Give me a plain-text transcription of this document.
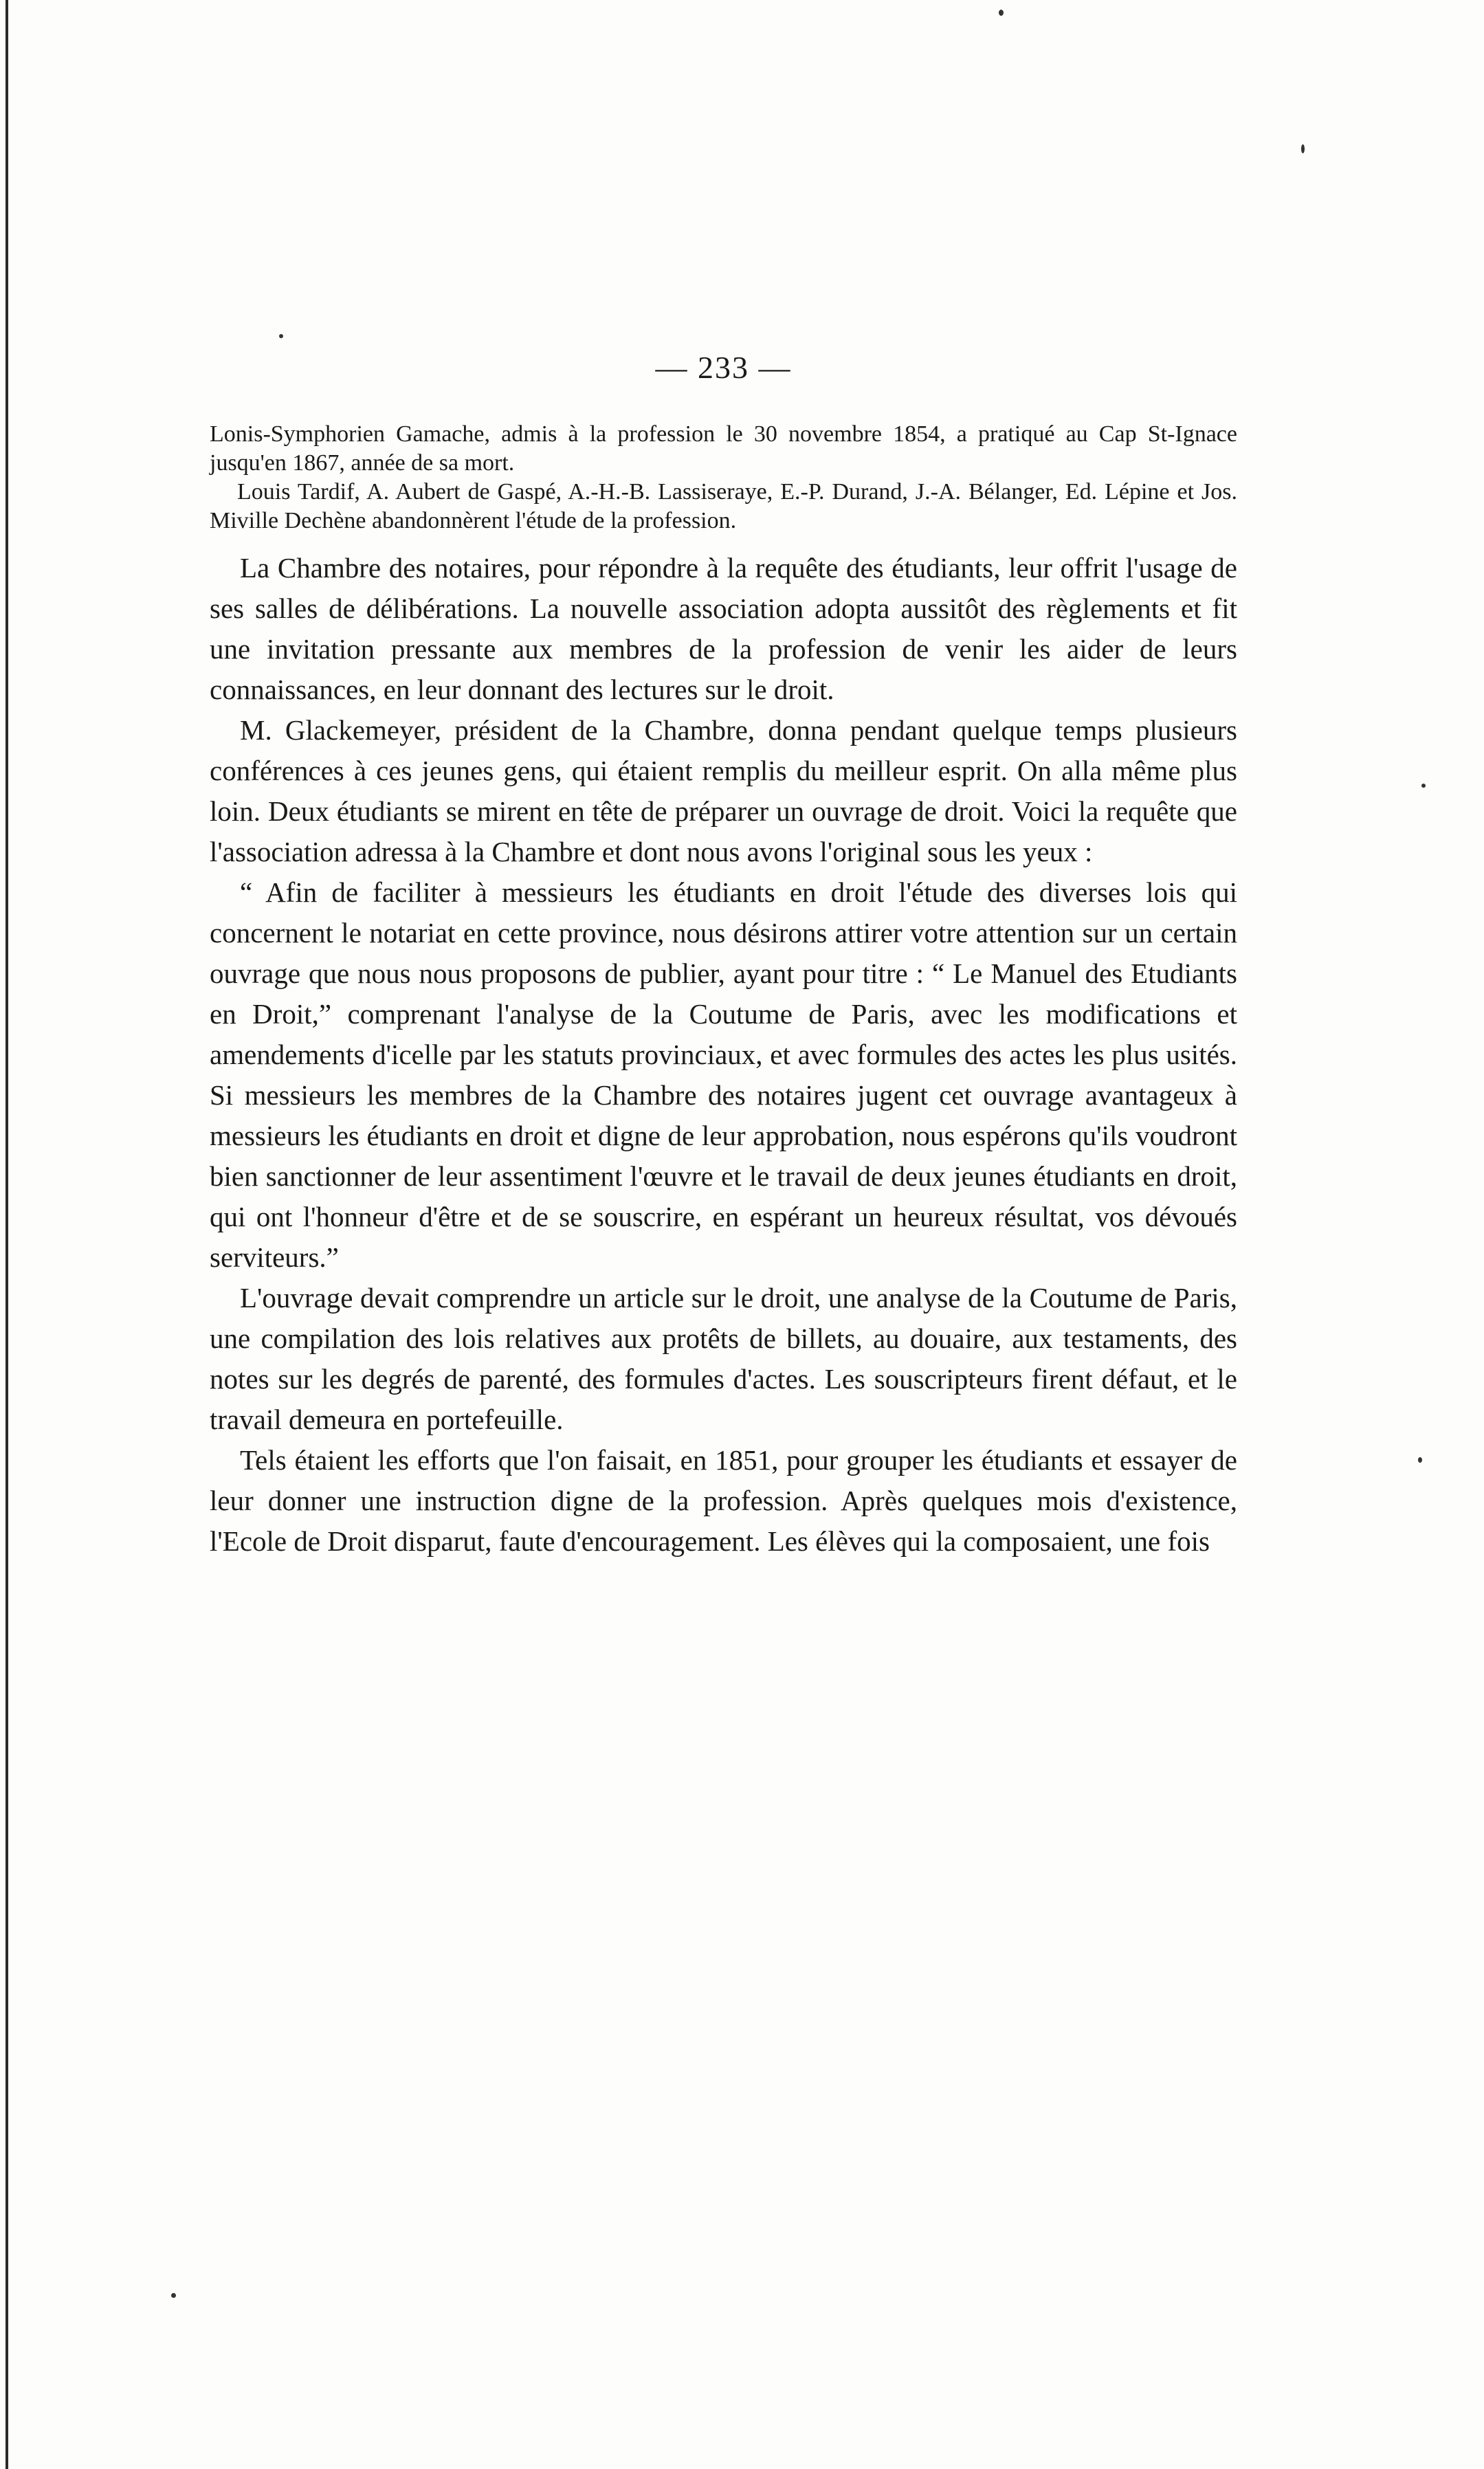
— 233 —

Lonis-Symphorien Gamache, admis à la profession le 30 novembre 1854, a pratiqué au Cap St-Ignace jusqu'en 1867, année de sa mort.

Louis Tardif, A. Aubert de Gaspé, A.-H.-B. Lassiseraye, E.-P. Durand, J.-A. Bélanger, Ed. Lépine et Jos. Miville Dechène abandonnèrent l'étude de la profession.

La Chambre des notaires, pour répondre à la requête des étudiants, leur offrit l'usage de ses salles de délibérations. La nouvelle association adopta aussitôt des règlements et fit une invitation pressante aux membres de la profession de venir les aider de leurs connaissances, en leur donnant des lectures sur le droit.

M. Glackemeyer, président de la Chambre, donna pendant quelque temps plusieurs conférences à ces jeunes gens, qui étaient remplis du meilleur esprit. On alla même plus loin. Deux étudiants se mirent en tête de préparer un ouvrage de droit. Voici la requête que l'association adressa à la Chambre et dont nous avons l'original sous les yeux :

“ Afin de faciliter à messieurs les étudiants en droit l'étude des diverses lois qui concernent le notariat en cette province, nous désirons attirer votre attention sur un certain ouvrage que nous nous proposons de publier, ayant pour titre : “ Le Manuel des Etudiants en Droit,” comprenant l'analyse de la Coutume de Paris, avec les modifications et amendements d'icelle par les statuts provinciaux, et avec formules des actes les plus usités. Si messieurs les membres de la Chambre des notaires jugent cet ouvrage avantageux à messieurs les étudiants en droit et digne de leur approbation, nous espérons qu'ils voudront bien sanctionner de leur assentiment l'œuvre et le travail de deux jeunes étudiants en droit, qui ont l'honneur d'être et de se souscrire, en espérant un heureux résultat, vos dévoués serviteurs.”

L'ouvrage devait comprendre un article sur le droit, une analyse de la Coutume de Paris, une compilation des lois relatives aux protêts de billets, au douaire, aux testaments, des notes sur les degrés de parenté, des formules d'actes. Les souscripteurs firent défaut, et le travail demeura en portefeuille.

Tels étaient les efforts que l'on faisait, en 1851, pour grouper les étudiants et essayer de leur donner une instruction digne de la profession. Après quelques mois d'existence, l'Ecole de Droit disparut, faute d'encouragement. Les élèves qui la composaient, une fois
